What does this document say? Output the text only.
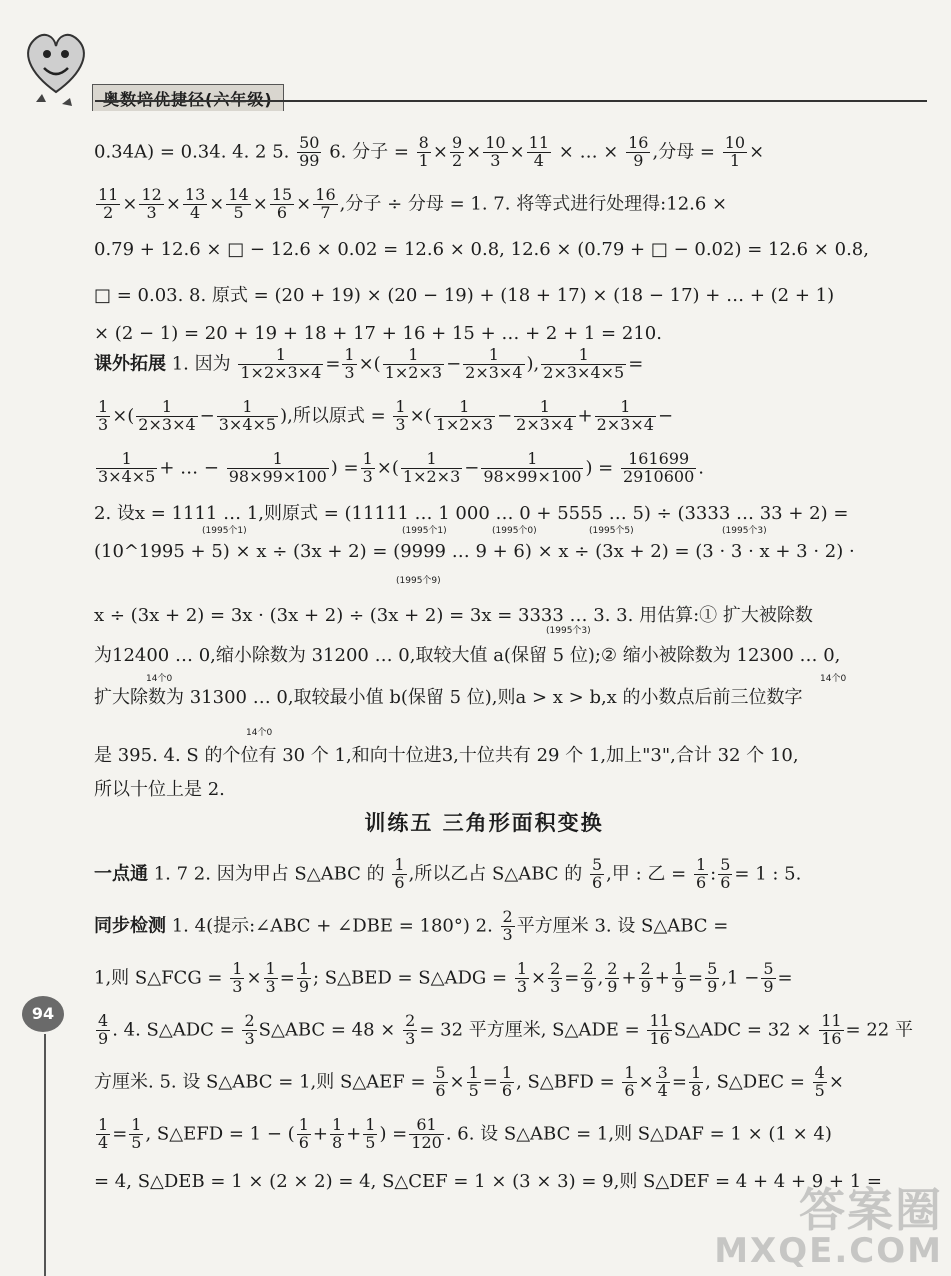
0.34A) = 0.34. 4. 2 5. $\frac{50}{99} 6$. 分子 = $\frac{8}{1} \times \frac{9}{2} \times \frac{10}{3} \times \frac{11}{4}$ × … × $\frac{16}{9}$ ,分母 = $\frac{10}{1}$ ×
$\frac{11}{2} \times \frac{12}{3} \times \frac{13}{4} \times \frac{14}{5} \times \frac{15}{6} \times \frac{16}{7}$ ,分子 ÷ 分母 = 1. 7. 将等式进行处理得:12.6 ×
0.79 + 12.6 × □ − 12.6 × 0.02 = 12.6 × 0.8, 12.6 × (0.79 + □ − 0.02) = 12.6 × 0.8,
□ = 0.03. 8. 原式 = (20 + 19) × (20 − 19) + (18 + 17) × (18 − 17) + … + (2 + 1)
× (2 − 1) = 20 + 19 + 18 + 17 + 16 + 15 + … + 2 + 1 = 210.
课外拓展 1. 因为 $\frac{1}{1\times 2\times 3\times 4} = \frac{1}{3}$ ×( $\frac{1}{1\times 2\times 3} - \frac{1}{2\times 3\times 4}$ ), $\frac{1}{2\times 3\times 4\times 5}$ =
$\frac{1}{3}$ ×( $\frac{1}{2\times 3\times 4} - \frac{1}{3\times 4\times 5}$ ),所以原式 = $\frac{1}{3}$ ×( $\frac{1}{1\times 2\times 3} - \frac{1}{2\times 3\times 4} + \frac{1}{2\times 3\times 4}$ −
$\frac{1}{3\times 4\times 5}$ + … − $\frac{1}{98\times 99\times 100}$ ) = $\frac{1}{3}$ ×( $\frac{1}{1\times 2\times 3} - \frac{1}{98\times 99\times 100}$ ) = $\frac{161699}{2910600}$ .
2. 设x = 1111 … 1,则原式 = (11111 … 1 000 … 0 + 5555 … 5) ÷ (3333 … 33 + 2) =
(10^1995 + 5) × x ÷ (3x + 2) = (9999 … 9 + 6) × x ÷ (3x + 2) = (3 · 3 · x + 3 · 2) ·
x ÷ (3x + 2) = 3x · (3x + 2) ÷ (3x + 2) = 3x = 3333 … 3. 3. 用估算:① 扩大被除数
为12400 … 0,缩小除数为 31200 … 0,取较大值 a(保留 5 位);② 缩小被除数为 12300 … 0,
扩大除数为 31300 … 0,取较最小值 b(保留 5 位),则a > x > b,x 的小数点后前三位数字
是 395. 4. S 的个位有 30 个 1,和向十位进3,十位共有 29 个 1,加上"3",合计 32 个 10,
所以十位上是 2.
(1995个1)	(1995个1)	(1995个0)	(1995个5)	(1995个3)
(1995个9)
(1995个3)
14个0	14个0
14个0
训练五 三角形面积变换
一点通 1. 7 2. 因为甲占 S△ABC 的 $\frac{1}{6}$ ,所以乙占 S△ABC 的 $\frac{5}{6}$ ,甲 : 乙 = $\frac{1}{6}$ : $\frac{5}{6} = 1$ : 5.
同步检测 1. 4(提示:∠ABC + ∠DBE = 180°) 2. $\frac{2}{3}$ 平方厘米 3. 设 S△ABC =
1,则 S△FCG = $\frac{1}{3} \times \frac{1}{3} = \frac{1}{9}$ ; S△BED = S△ADG = $\frac{1}{3} \times \frac{2}{3} = \frac{2}{9}$ , $\frac{2}{9} + \frac{2}{9} + \frac{1}{9} = \frac{5}{9} ,1 - \frac{5}{9}$ =
$\frac{4}{9}$ . 4. S△ADC = $\frac{2}{3}$ S△ABC = $48 \times \frac{2}{3} = 32$ 平方厘米, S△ADE = $\frac{11}{16}$ S△ADC = $32 \times \frac{11}{16} = 22$ 平
方厘米. 5. 设 S△ABC = 1,则 S△AEF = $\frac{5}{6} \times \frac{1}{5} = \frac{1}{6}$ , S△BFD = $\frac{1}{6} \times \frac{3}{4} = \frac{1}{8}$ , S△DEC = $\frac{4}{5}$ ×
$\frac{1}{4} = \frac{1}{5}$ , S△EFD = 1 − ( $\frac{1}{6} + \frac{1}{8} + \frac{1}{5}$ ) = $\frac{61}{120}$ . 6. 设 S△ABC = 1,则 S△DAF = 1 × (1 × 4)
= 4, S△DEB = 1 × (2 × 2) = 4, S△CEF = 1 × (3 × 3) = 9,则 S△DEF = 4 + 4 + 9 + 1 =
94
答案圈
MXQE.COM
